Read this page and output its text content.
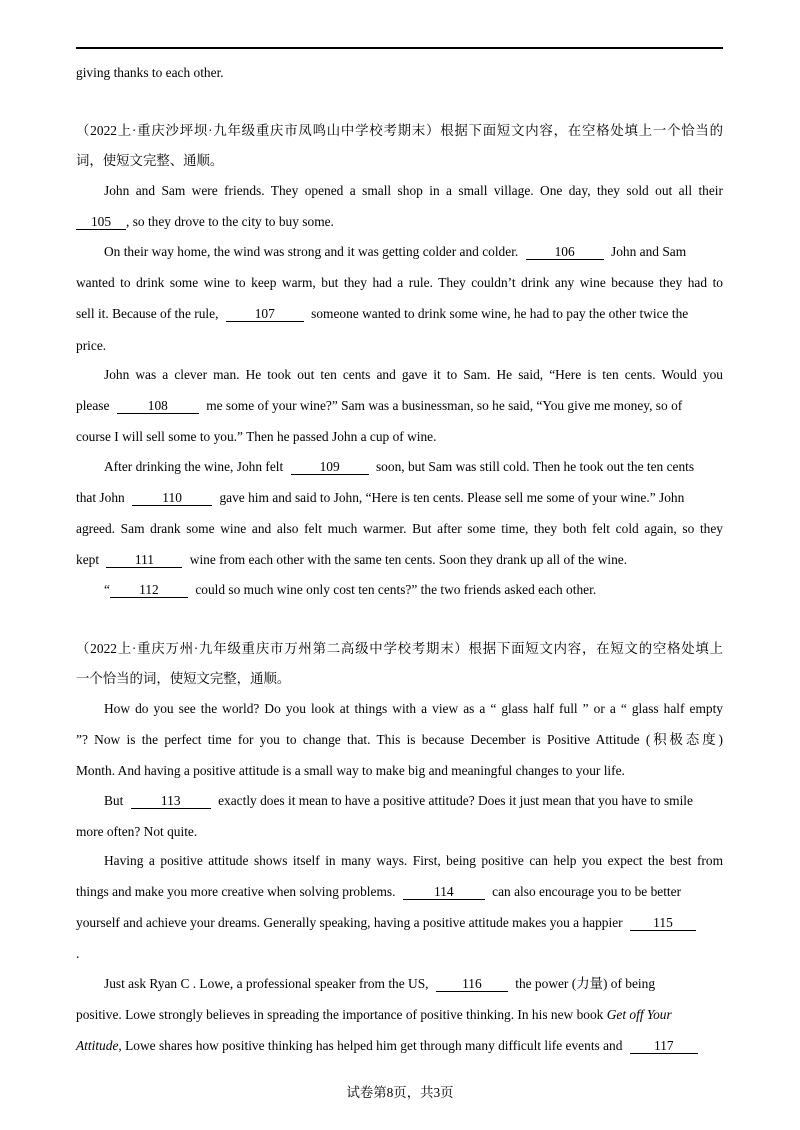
giving thanks to each other.
（2022上·重庆沙坪坝·九年级重庆市凤鸣山中学校考期末）根据下面短文内容，在空格处填上一个恰当的
词，使短文完整、通顺。
John and Sam were friends. They opened a small shop in a small village. One day, they sold out all their
105 , so they drove to the city to buy some.
On their way home, the wind was strong and it was getting colder and colder.	106	John and Sam
wanted to drink some wine to keep warm, but they had a rule. They couldn’t drink any wine because they had to
sell it. Because of the rule,	107	someone wanted to drink some wine, he had to pay the other twice the
price.
John was a clever man. He took out ten cents and gave it to Sam. He said, “Here is ten cents. Would you
please	108	me some of your wine?” Sam was a businessman, so he said, “You give me money, so of
course I will sell some to you.” Then he passed John a cup of wine.
After drinking the wine, John felt	109	soon, but Sam was still cold. Then he took out the ten cents
that John	110	gave him and said to John, “Here is ten cents. Please sell me some of your wine.” John
agreed. Sam drank some wine and also felt much warmer. But after some time, they both felt cold again, so they
kept	111	wine from each other with the same ten cents. Soon they drank up all of the wine.
“ 112	could so much wine only cost ten cents?” the two friends asked each other.
（2022上·重庆万州·九年级重庆市万州第二高级中学校考期末）根据下面短文内容，在短文的空格处填上
一个恰当的词，使短文完整，通顺。
How do you see the world? Do you look at things with a view as a “ glass half full ” or a “ glass half empty
”? Now is the perfect time for you to change that. This is because December is Positive Attitude (积极态度)
Month. And having a positive attitude is a small way to make big and meaningful changes to your life.
But	113	exactly does it mean to have a positive attitude? Does it just mean that you have to smile
more often? Not quite.
Having a positive attitude shows itself in many ways. First, being positive can help you expect the best from
things and make you more creative when solving problems.	114	can also encourage you to be better
yourself and achieve your dreams. Generally speaking, having a positive attitude makes you a happier 115
.
Just ask Ryan C . Lowe, a professional speaker from the US,	116	the power (力量) of being
positive. Lowe strongly believes in spreading the importance of positive thinking. In his new book Get off Your
Attitude, Lowe shares how positive thinking has helped him get through many difficult life events and 117
试卷第8页，共3页
